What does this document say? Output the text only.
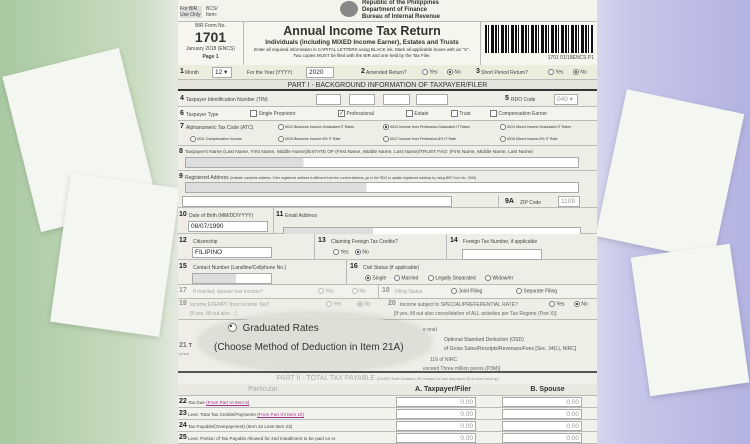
For BIR Use Only
BCS/ Item:
Republic of the Philippines
Department of Finance
Bureau of Internal Revenue
BIR Form No.
1701
January 2018 (ENCS)
Page 1
Annual Income Tax Return
Individuals (including MIXED Income Earner), Estates and Trusts
Enter all required information in CAPITAL LETTERS using BLACK ink. Mark all applicable boxes with an "X". Two copies MUST be filed with the BIR and one held by the Tax Filer.	1701 01/18ENCS P1
1 Month	12 ▾	For the Year (YYYY)	2020	2 Amended Return?	Yes	No 3 Short Period Return?	Yes	No
PART I - BACKGROUND INFORMATION OF TAXPAYER/FILER
4 Taxpayer Identification Number (TIN)	5 RDO Code	040 ▾
6 Taxpayer Type	Single Proprietor	✓ Professional	Estate	Trust	Compensation Earner
7 Alphanumeric Tax Code (ATC)	II012 Business Income-Graduated IT Rates	II014 Income from Profession-Graduated IT Rates	II013 Mixed Income-Graduated IT Rates
II011 Compensation Income	II015 Business Income-8% IT Rate	II017 Income from Profession-8% IT Rate	II016 Mixed Income-8% IT Rate
8 Taxpayer's Name (Last Name, First Name, Middle Name)/ESTATE OF (First Name, Middle Name, Last Name)/TRUST FAO: (First Name, Middle Name, Last Name)
9 Registered Address (Indicate complete address. If the registered address is different from the current address, go to the RDO to update registered address by using BIR Form No. 1905)
9A ZIP Code	1109
10 Date of Birth (MM/DD/YYYY)
08/07/1990
11 Email Address
12 Citizenship
FILIPINO
13 Claiming Foreign Tax Credits?
Yes	No
14 Foreign Tax Number, if applicable
15 Contact Number (Landline/Cellphone No.)	16 Civil Status (if applicable)
Single	Married	Legally Separated	Widow/er
17 If married, spouse has income?	Yes	No 18 Filing Status	Joint Filing	Separate Filing
19 Income EXEMPT from Income Tax?
[If yes, fill out also ...]
Yes	No 20 Income subject to SPECIAL/PREFERENTIAL RATE?
[If yes, fill out also consolidation of ALL activities per Tax Regime (Part X)]
Yes	No
21 T
(choo
e one)
Optional Standard Deduction (OSD)
of Gross Sales/Receipts/Revenues/Fees [Sec. 34(L), NIRC]
116 of NIRC
exceed Three million pesos (P3M)]
PART II - TOTAL TAX PAYABLE (Do NOT Enter Centavos; 49 Centavos or Less drop down; 50 or more round up)
Particular	A. Taxpayer/Filer	B. Spouse
22 Tax Due (From Part VI Item 5)	0.00	0.00
23 Less: Total Tax Credits/Payments (From Part VII Item 10)	0.00	0.00
24 Tax Payable/(Overpayment) (Item 22 Less Item 23)	0.00	0.00
25 Less: Portion of Tax Payable Allowed for 2nd Installment to be paid on or	0.00	0.00
Graduated Rates
(Choose Method of Deduction in Item 21A)
